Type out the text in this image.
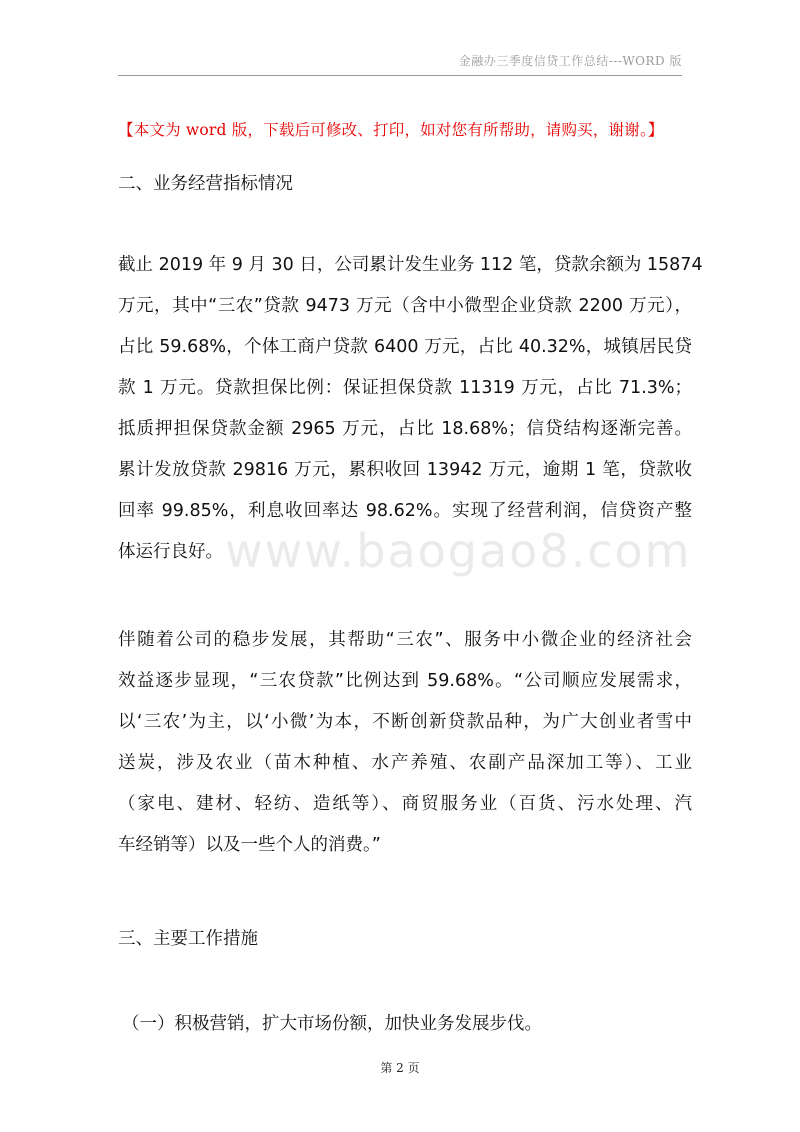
金融办三季度信贷工作总结---WORD 版
【本文为 word 版，下载后可修改、打印，如对您有所帮助，请购买，谢谢。】
二、业务经营指标情况
截止 2019 年 9 月 30 日，公司累计发生业务 112 笔，贷款余额为 15874
万元，其中“三农”贷款 9473 万元（含中小微型企业贷款 2200 万元），
占比 59.68%，个体工商户贷款 6400 万元，占比 40.32%，城镇居民贷
款 1 万元。贷款担保比例：保证担保贷款 11319 万元，占比 71.3%；
抵质押担保贷款金额 2965 万元，占比 18.68%；信贷结构逐渐完善。
累计发放贷款 29816 万元，累积收回 13942 万元，逾期 1 笔，贷款收
回率 99.85%，利息收回率达 98.62%。实现了经营利润，信贷资产整
体运行良好。 www.baogao8.com
伴随着公司的稳步发展，其帮助“三农”、服务中小微企业的经济社会
效益逐步显现，“三农贷款”比例达到 59.68%。“公司顺应发展需求，
以‘三农’为主，以‘小微’为本，不断创新贷款品种，为广大创业者雪中
送炭，涉及农业（苗木种植、水产养殖、农副产品深加工等）、工业
（家电、建材、轻纺、造纸等）、商贸服务业（百货、污水处理、汽
车经销等）以及一些个人的消费。”
三、主要工作措施
（一）积极营销，扩大市场份额，加快业务发展步伐。
第 2 页
